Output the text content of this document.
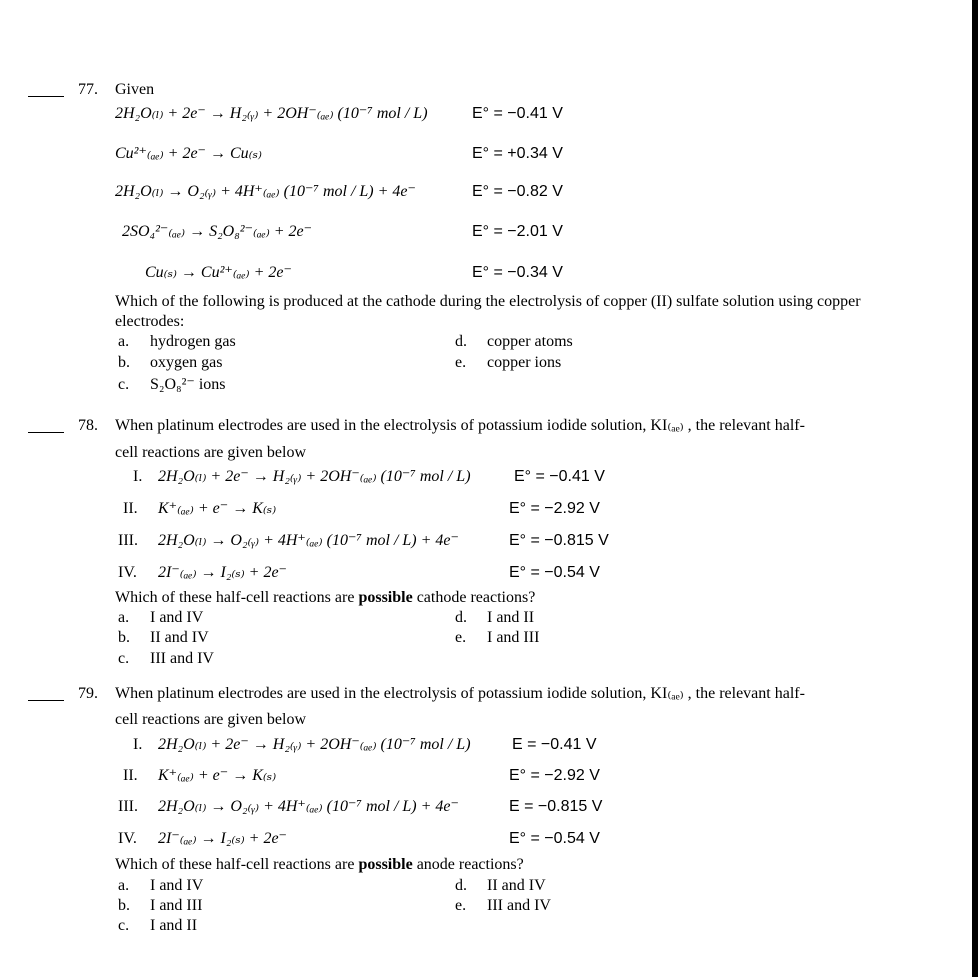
77. Given
2H₂O₍ₗ₎ + 2e⁻ → H₂₍ᵧ₎ + 2OH⁻₍ₐₑ₎ (10⁻⁷ mol / L)	E° = −0.41 V
Cu²⁺₍ₐₑ₎ + 2e⁻ → Cu₍ₛ₎	E° = +0.34 V
2H₂O₍ₗ₎ → O₂₍ᵧ₎ + 4H⁺₍ₐₑ₎ (10⁻⁷ mol / L) + 4e⁻	E° = −0.82 V
2SO₄²⁻₍ₐₑ₎ → S₂O₈²⁻₍ₐₑ₎ + 2e⁻	E° = −2.01 V
Cu₍ₛ₎ → Cu²⁺₍ₐₑ₎ + 2e⁻	E° = −0.34 V
Which of the following is produced at the cathode during the electrolysis of copper (II) sulfate solution using copper electrodes:
a. hydrogen gas
b. oxygen gas
c. S₂O₈²⁻ ions
d. copper atoms
e. copper ions
78. When platinum electrodes are used in the electrolysis of potassium iodide solution, KI₍ₐₑ₎ , the relevant half-
cell reactions are given below
I. 2H₂O₍ₗ₎ + 2e⁻ → H₂₍ᵧ₎ + 2OH⁻₍ₐₑ₎ (10⁻⁷ mol / L)	E° = −0.41 V
II. K⁺₍ₐₑ₎ + e⁻ → K₍ₛ₎	E° = −2.92 V
III. 2H₂O₍ₗ₎ → O₂₍ᵧ₎ + 4H⁺₍ₐₑ₎ (10⁻⁷ mol / L) + 4e⁻	E° = −0.815 V
IV. 2I⁻₍ₐₑ₎ → I₂₍ₛ₎ + 2e⁻	E° = −0.54 V
Which of these half-cell reactions are possible cathode reactions?
a. I and IV
b. II and IV
c. III and IV
d. I and II
e. I and III
79. When platinum electrodes are used in the electrolysis of potassium iodide solution, KI₍ₐₑ₎ , the relevant half-
cell reactions are given below
I. 2H₂O₍ₗ₎ + 2e⁻ → H₂₍ᵧ₎ + 2OH⁻₍ₐₑ₎ (10⁻⁷ mol / L)	E = −0.41 V
II. K⁺₍ₐₑ₎ + e⁻ → K₍ₛ₎	E° = −2.92 V
III. 2H₂O₍ₗ₎ → O₂₍ᵧ₎ + 4H⁺₍ₐₑ₎ (10⁻⁷ mol / L) + 4e⁻	E = −0.815 V
IV. 2I⁻₍ₐₑ₎ → I₂₍ₛ₎ + 2e⁻	E° = −0.54 V
Which of these half-cell reactions are possible anode reactions?
a. I and IV
b. I and III
c. I and II
d. II and IV
e. III and IV
